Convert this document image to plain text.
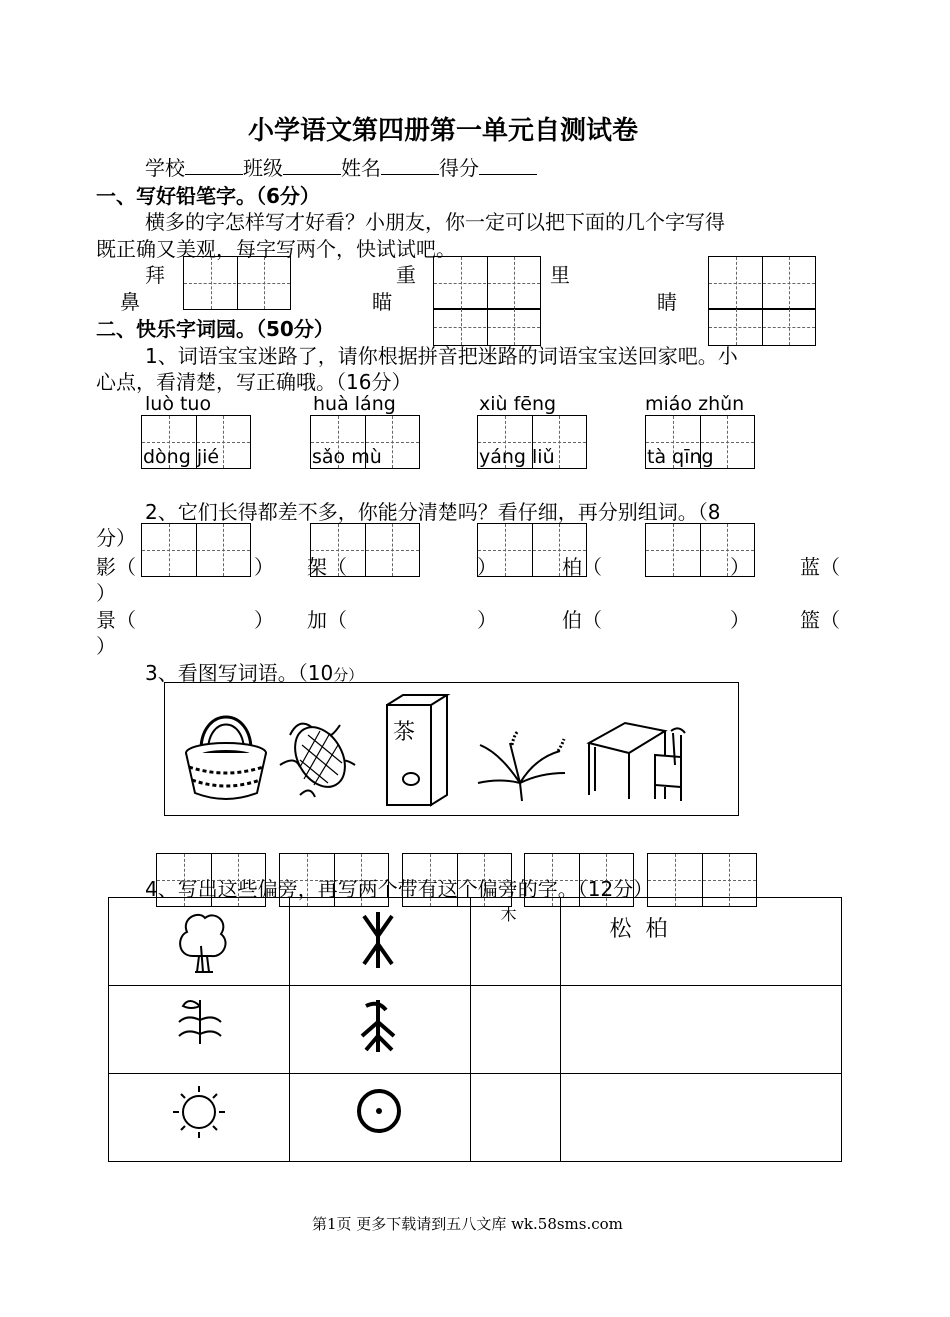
小学语文第四册第一单元自测试卷
学校	班级	姓名	得分
一、写好铅笔字。（6分）
横多的字怎样写才好看？小朋友，你一定可以把下面的几个字写得
既正确又美观，每字写两个，快试试吧。
拜	重	里
鼻	瞄	睛
二、快乐字词园。（50分）
1、词语宝宝迷路了，请你根据拼音把迷路的词语宝宝送回家吧。小
心点，看清楚，写正确哦。（16分）
luò tuo	huà láng	xiù fēng	miáo zhǔn
dòng jié	sǎo mù	yáng liǔ	tà qīng
2、它们长得都差不多，你能分清楚吗？看仔细，再分别组词。（8
分）
影（	） 架（	）	柏（	）	蓝（
）
景（	） 加（	）	伯（	）	篮（
）
3、看图写词语。（10分）
茶
4、写出这些偏旁，再写两个带有这个偏旁的字。（12分）

木	松  柏

第1页 更多下载请到五八文库 wk.58sms.com
